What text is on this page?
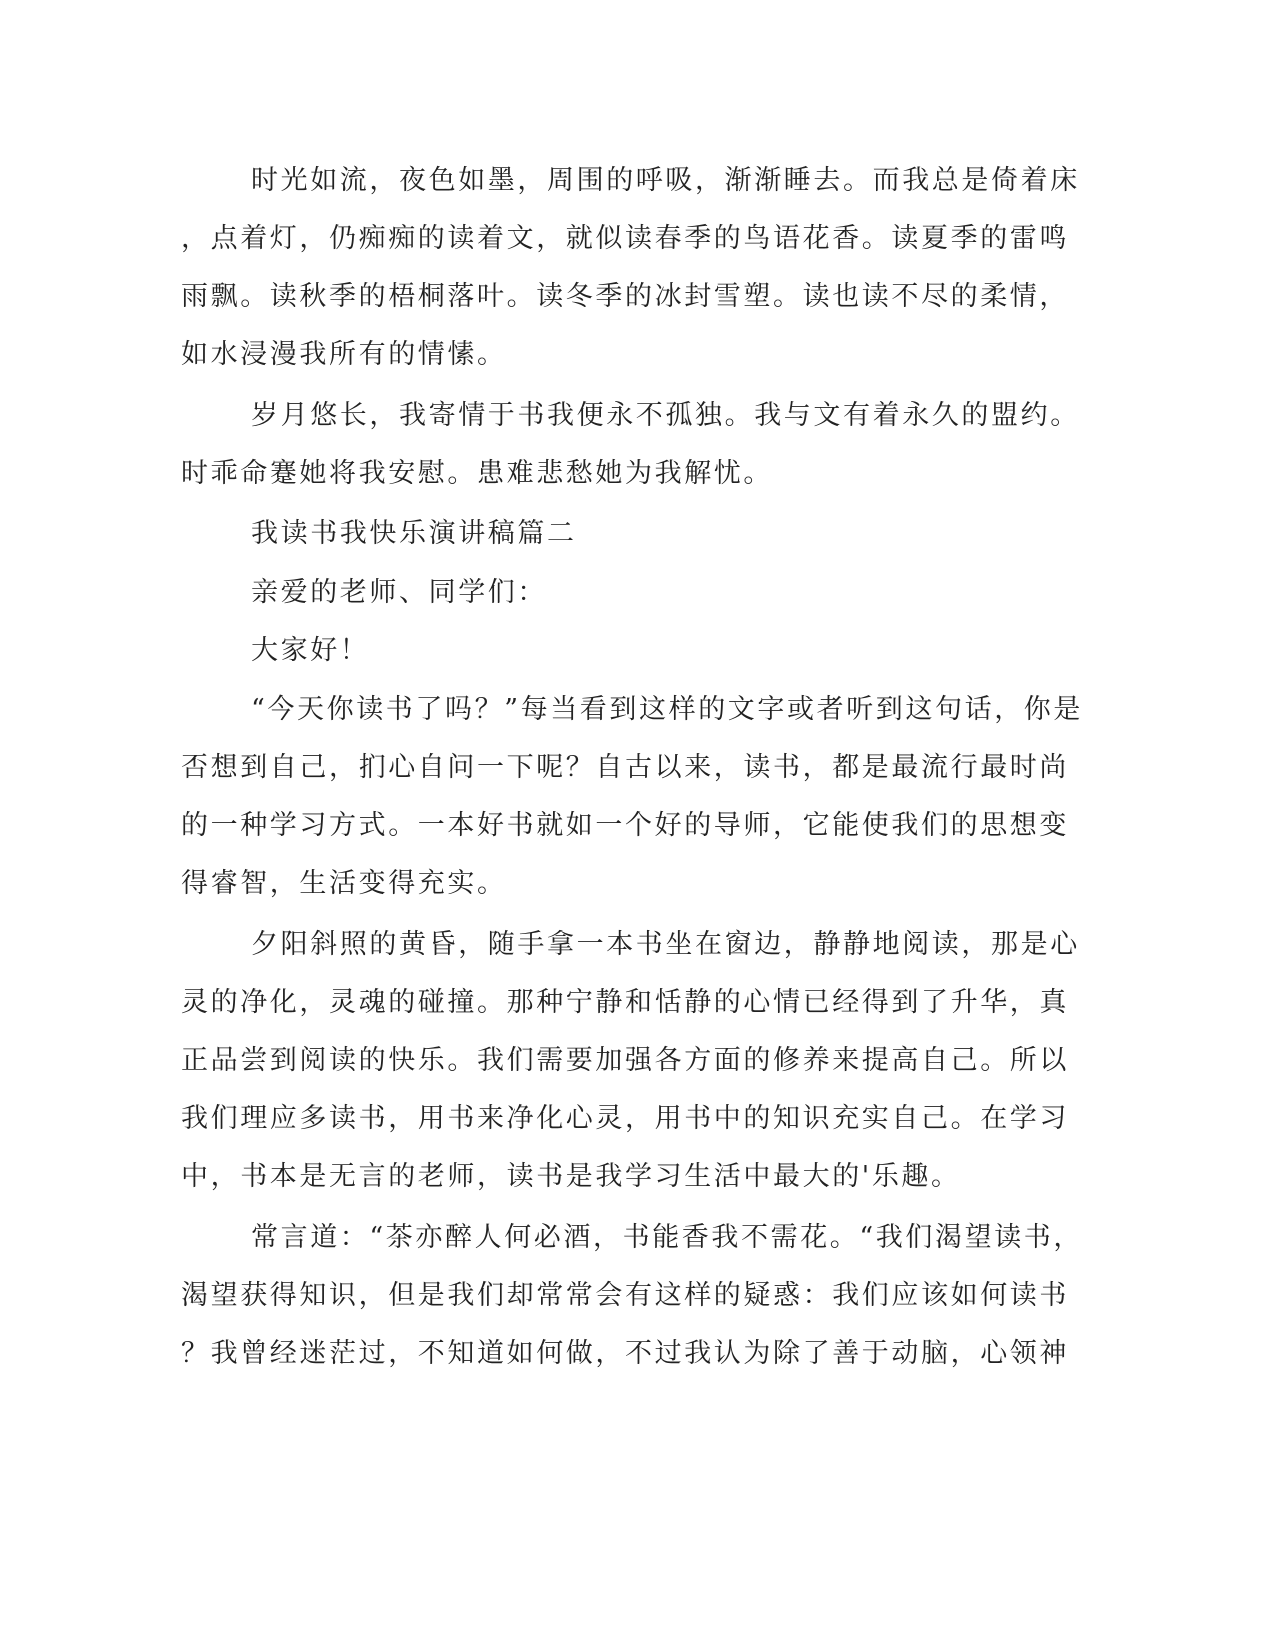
时光如流，夜色如墨，周围的呼吸，渐渐睡去。而我总是倚着床
，点着灯，仍痴痴的读着文，就似读春季的鸟语花香。读夏季的雷鸣
雨飘。读秋季的梧桐落叶。读冬季的冰封雪塑。读也读不尽的柔情，
如水浸漫我所有的情愫。
岁月悠长，我寄情于书我便永不孤独。我与文有着永久的盟约。
时乖命蹇她将我安慰。患难悲愁她为我解忧。
我读书我快乐演讲稿篇二
亲爱的老师、同学们：
大家好！
“今天你读书了吗？”每当看到这样的文字或者听到这句话，你是
否想到自己，扪心自问一下呢？自古以来，读书，都是最流行最时尚
的一种学习方式。一本好书就如一个好的导师，它能使我们的思想变
得睿智，生活变得充实。
夕阳斜照的黄昏，随手拿一本书坐在窗边，静静地阅读，那是心
灵的净化，灵魂的碰撞。那种宁静和恬静的心情已经得到了升华，真
正品尝到阅读的快乐。我们需要加强各方面的修养来提高自己。所以
我们理应多读书，用书来净化心灵，用书中的知识充实自己。在学习
中，书本是无言的老师，读书是我学习生活中最大的'乐趣。
常言道：“茶亦醉人何必酒，书能香我不需花。“我们渴望读书，
渴望获得知识，但是我们却常常会有这样的疑惑：我们应该如何读书
？我曾经迷茫过，不知道如何做，不过我认为除了善于动脑，心领神
